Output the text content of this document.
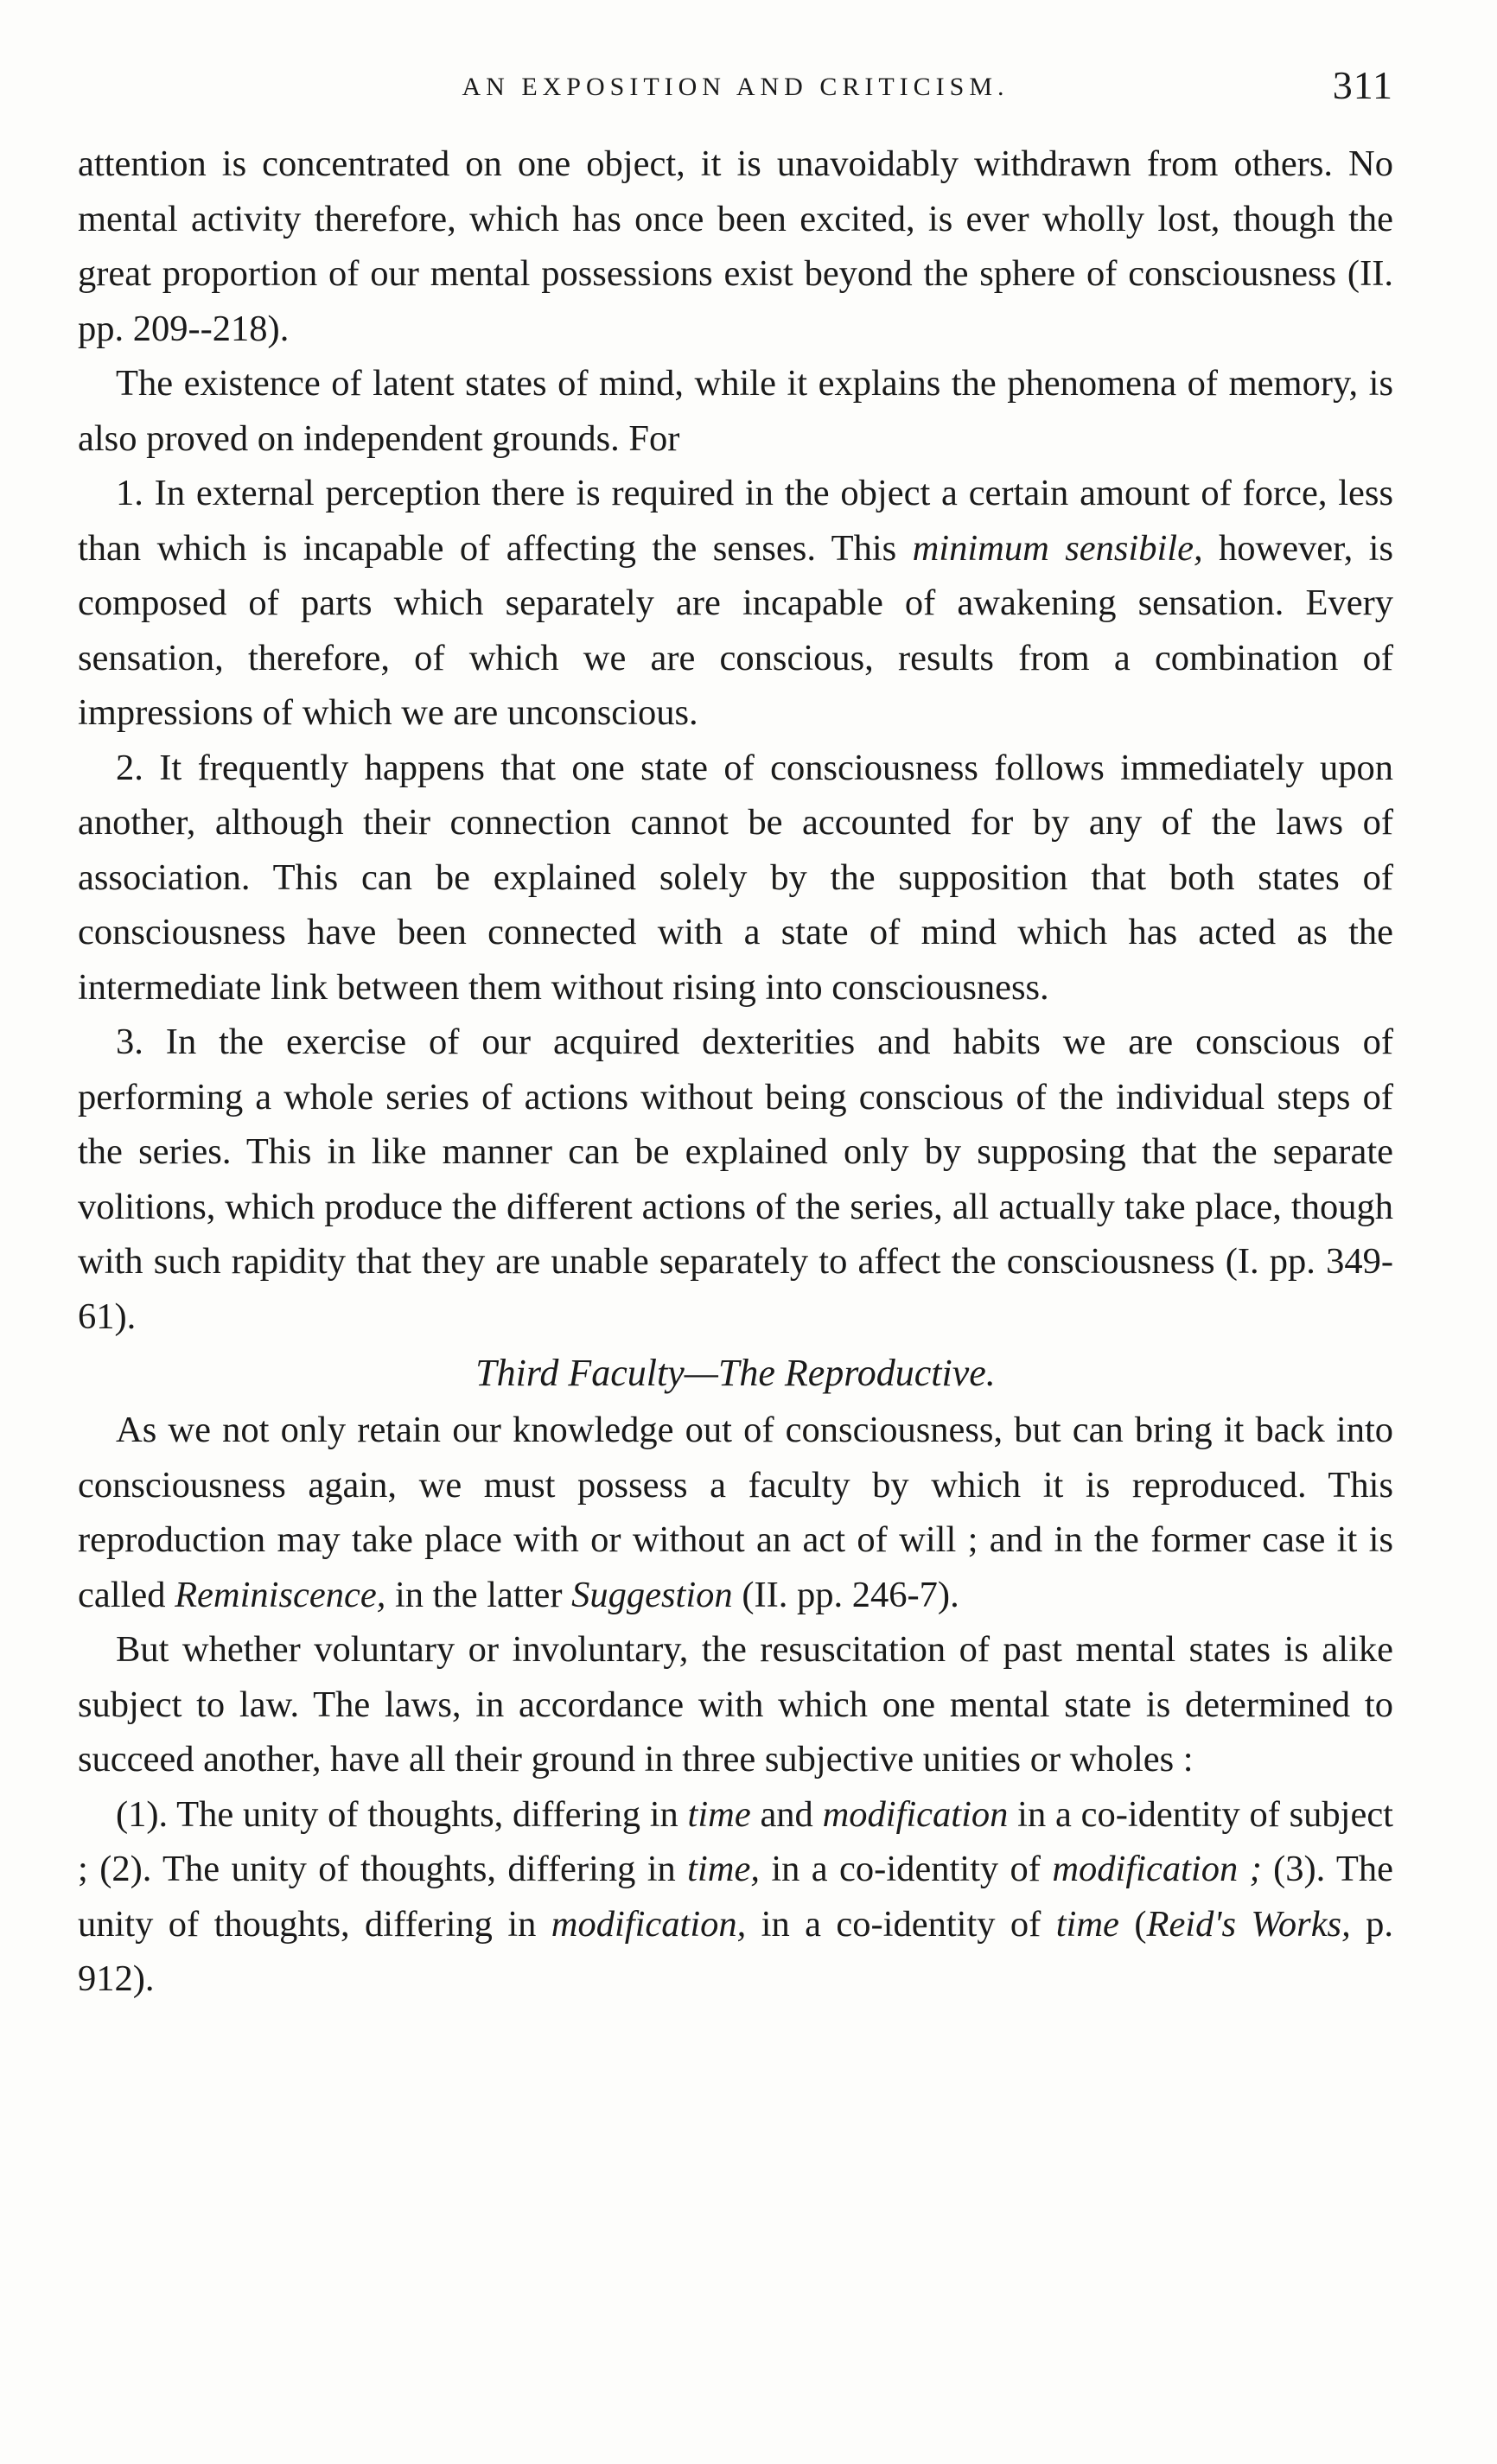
AN EXPOSITION AND CRITICISM.	311

attention is concentrated on one object, it is unavoidably withdrawn from others. No mental activity therefore, which has once been excited, is ever wholly lost, though the great proportion of our mental possessions exist beyond the sphere of consciousness (II. pp. 209--218).

The existence of latent states of mind, while it explains the phenomena of memory, is also proved on independent grounds. For

1. In external perception there is required in the object a certain amount of force, less than which is incapable of affecting the senses. This minimum sensibile, however, is composed of parts which separately are incapable of awakening sensation. Every sensation, therefore, of which we are conscious, results from a combination of impressions of which we are unconscious.

2. It frequently happens that one state of consciousness follows immediately upon another, although their connection cannot be accounted for by any of the laws of association. This can be explained solely by the supposition that both states of consciousness have been connected with a state of mind which has acted as the intermediate link between them without rising into consciousness.

3. In the exercise of our acquired dexterities and habits we are conscious of performing a whole series of actions without being conscious of the individual steps of the series. This in like manner can be explained only by supposing that the separate volitions, which produce the different actions of the series, all actually take place, though with such rapidity that they are unable separately to affect the consciousness (I. pp. 349-61).

Third Faculty—The Reproductive.

As we not only retain our knowledge out of consciousness, but can bring it back into consciousness again, we must possess a faculty by which it is reproduced. This reproduction may take place with or without an act of will ; and in the former case it is called Reminiscence, in the latter Suggestion (II. pp. 246-7).

But whether voluntary or involuntary, the resuscitation of past mental states is alike subject to law. The laws, in accordance with which one mental state is determined to succeed another, have all their ground in three subjective unities or wholes :

(1). The unity of thoughts, differing in time and modification in a co-identity of subject ; (2). The unity of thoughts, differing in time, in a co-identity of modification ; (3). The unity of thoughts, differing in modification, in a co-identity of time (Reid's Works, p. 912).
